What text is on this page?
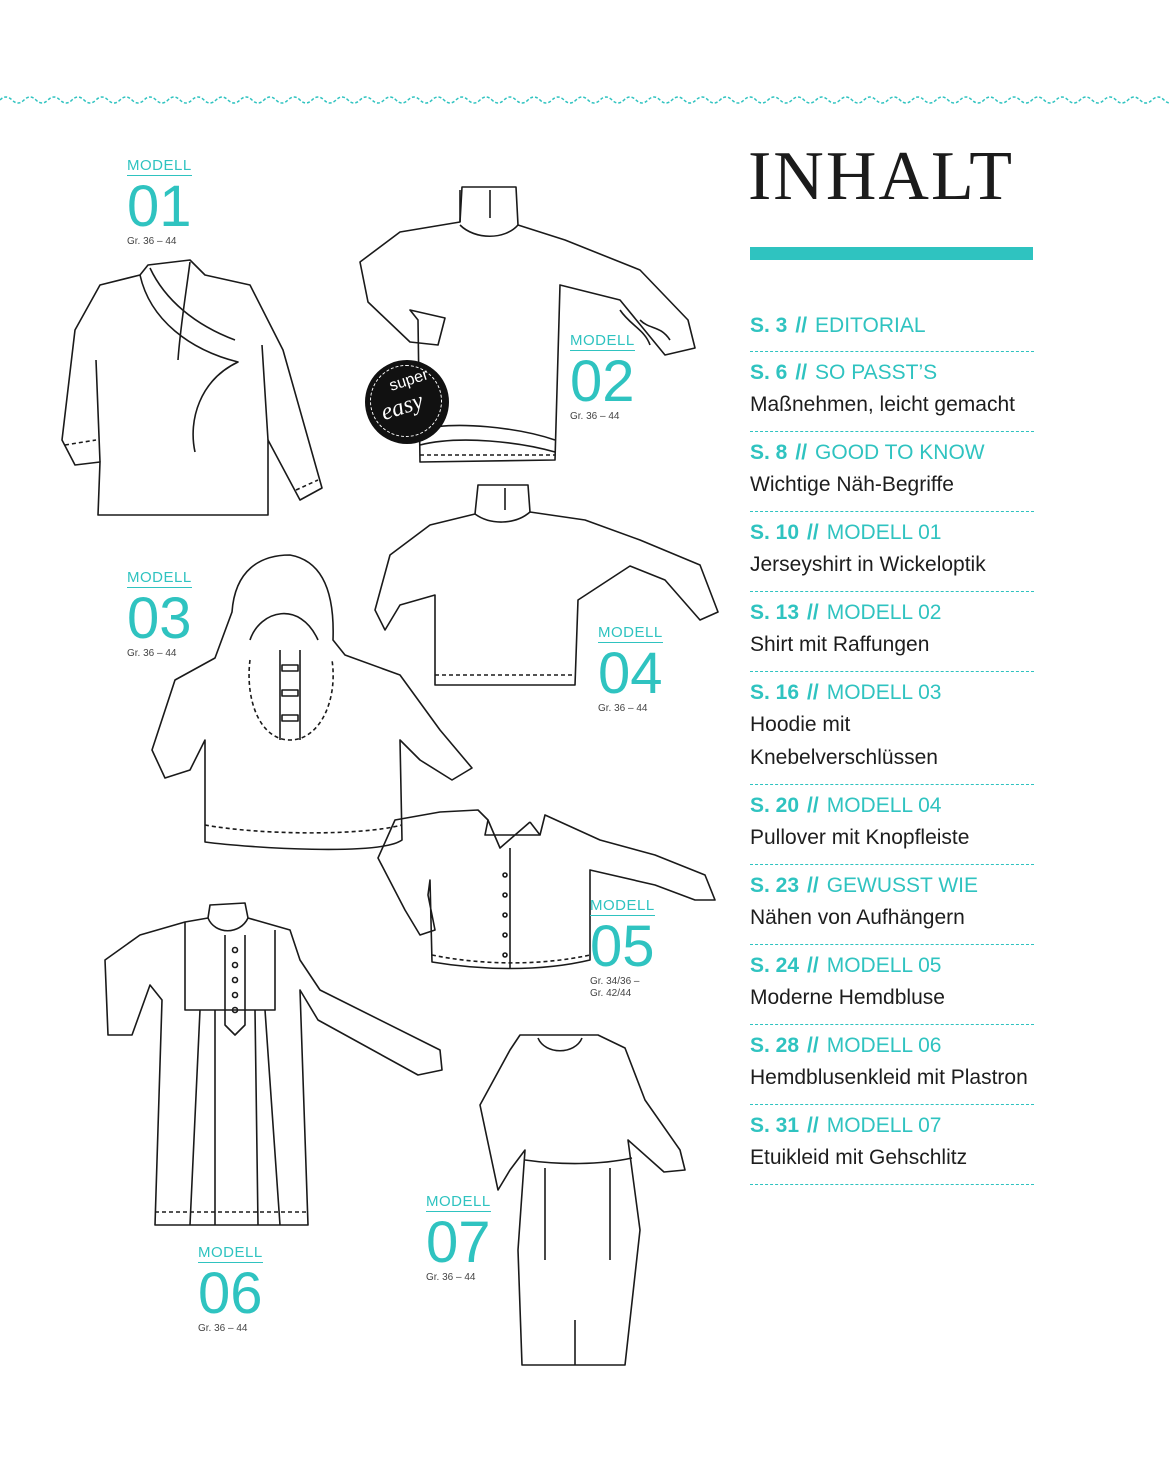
super
easy
MODELL
01
Gr. 36 – 44
MODELL
02
Gr. 36 – 44
MODELL
03
Gr. 36 – 44
MODELL
04
Gr. 36 – 44
MODELL
05
Gr. 34/36 –
Gr. 42/44
MODELL
06
Gr. 36 – 44
MODELL
07
Gr. 36 – 44
INHALT
S. 3 // EDITORIAL
S. 6 // SO PASST’S
Maßnehmen, leicht gemacht
S. 8 // GOOD TO KNOW
Wichtige Näh-Begriffe
S. 10 // MODELL 01
Jerseyshirt in Wickeloptik
S. 13 // MODELL 02
Shirt mit Raffungen
S. 16 // MODELL 03
Hoodie mit Knebelverschlüssen
S. 20 // MODELL 04
Pullover mit Knopfleiste
S. 23 // GEWUSST WIE
Nähen von Aufhängern
S. 24 // MODELL 05
Moderne Hemdbluse
S. 28 // MODELL 06
Hemdblusenkleid mit Plastron
S. 31 // MODELL 07
Etuikleid mit Gehschlitz
